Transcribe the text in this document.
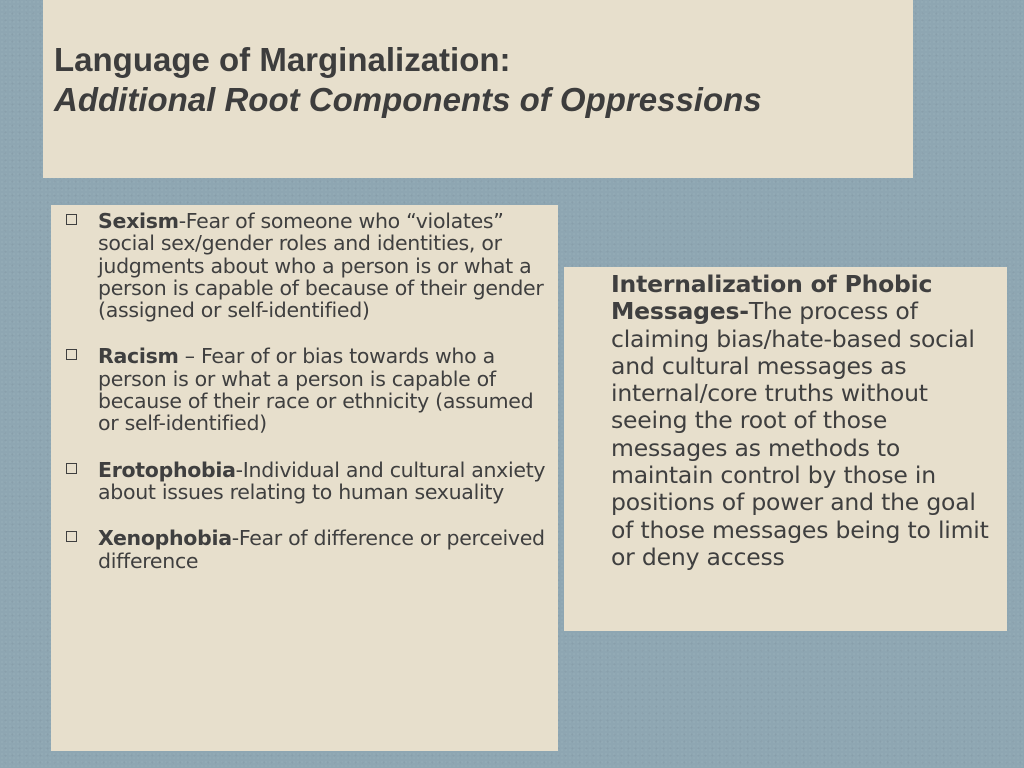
Language of Marginalization:
Additional Root Components of Oppressions
Sexism-Fear of someone who “violates” social sex/gender roles and identities, or judgments about who a person is or what a person is capable of because of their gender (assigned or self-identified)
Racism – Fear of or bias towards who a person is or what a person is capable of because of their race or ethnicity (assumed or self-identified)
Erotophobia-Individual and cultural anxiety about issues relating to human sexuality
Xenophobia-Fear of difference or perceived difference
Internalization of Phobic Messages-The process of claiming bias/hate-based social and cultural messages as internal/core truths without seeing the root of those messages as methods to maintain control by those in positions of power and the goal of those messages being to limit or deny access
